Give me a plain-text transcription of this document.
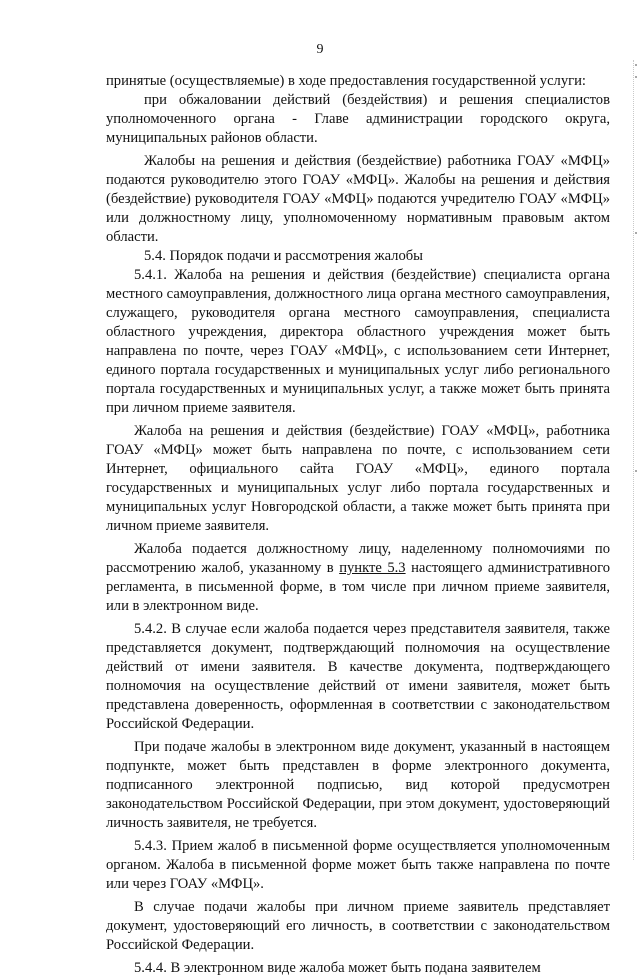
9

принятые (осуществляемые) в ходе предоставления государственной услуги:

при обжаловании действий (бездействия) и решения специалистов уполномоченного органа - Главе администрации городского округа, муниципальных районов области.

Жалобы на решения и действия (бездействие) работника ГОАУ «МФЦ» подаются руководителю этого ГОАУ «МФЦ». Жалобы на решения и действия (бездействие) руководителя ГОАУ «МФЦ» подаются учредителю ГОАУ «МФЦ» или должностному лицу, уполномоченному нормативным правовым актом области.

5.4. Порядок подачи и рассмотрения жалобы

5.4.1. Жалоба на решения и действия (бездействие) специалиста органа местного самоуправления, должностного лица органа местного самоуправления, служащего, руководителя органа местного самоуправления, специалиста областного учреждения, директора областного учреждения может быть направлена по почте, через ГОАУ «МФЦ», с использованием сети Интернет, единого портала государственных и муниципальных услуг либо регионального портала государственных и муниципальных услуг, а также может быть принята при личном приеме заявителя.

Жалоба на решения и действия (бездействие) ГОАУ «МФЦ», работника ГОАУ «МФЦ» может быть направлена по почте, с использованием сети Интернет, официального сайта ГОАУ «МФЦ», единого портала государственных и муниципальных услуг либо портала государственных и муниципальных услуг Новгородской области, а также может быть принята при личном приеме заявителя.

Жалоба подается должностному лицу, наделенному полномочиями по рассмотрению жалоб, указанному в пункте 5.3 настоящего административного регламента, в письменной форме, в том числе при личном приеме заявителя, или в электронном виде.

5.4.2. В случае если жалоба подается через представителя заявителя, также представляется документ, подтверждающий полномочия на осуществление действий от имени заявителя. В качестве документа, подтверждающего полномочия на осуществление действий от имени заявителя, может быть представлена доверенность, оформленная в соответствии с законодательством Российской Федерации.

При подаче жалобы в электронном виде документ, указанный в настоящем подпункте, может быть представлен в форме электронного документа, подписанного электронной подписью, вид которой предусмотрен законодательством Российской Федерации, при этом документ, удостоверяющий личность заявителя, не требуется.

5.4.3. Прием жалоб в письменной форме осуществляется уполномоченным органом. Жалоба в письменной форме может быть также направлена по почте или через ГОАУ «МФЦ».

В случае подачи жалобы при личном приеме заявитель представляет документ, удостоверяющий его личность, в соответствии с законодательством Российской Федерации.

5.4.4. В электронном виде жалоба может быть подана заявителем
